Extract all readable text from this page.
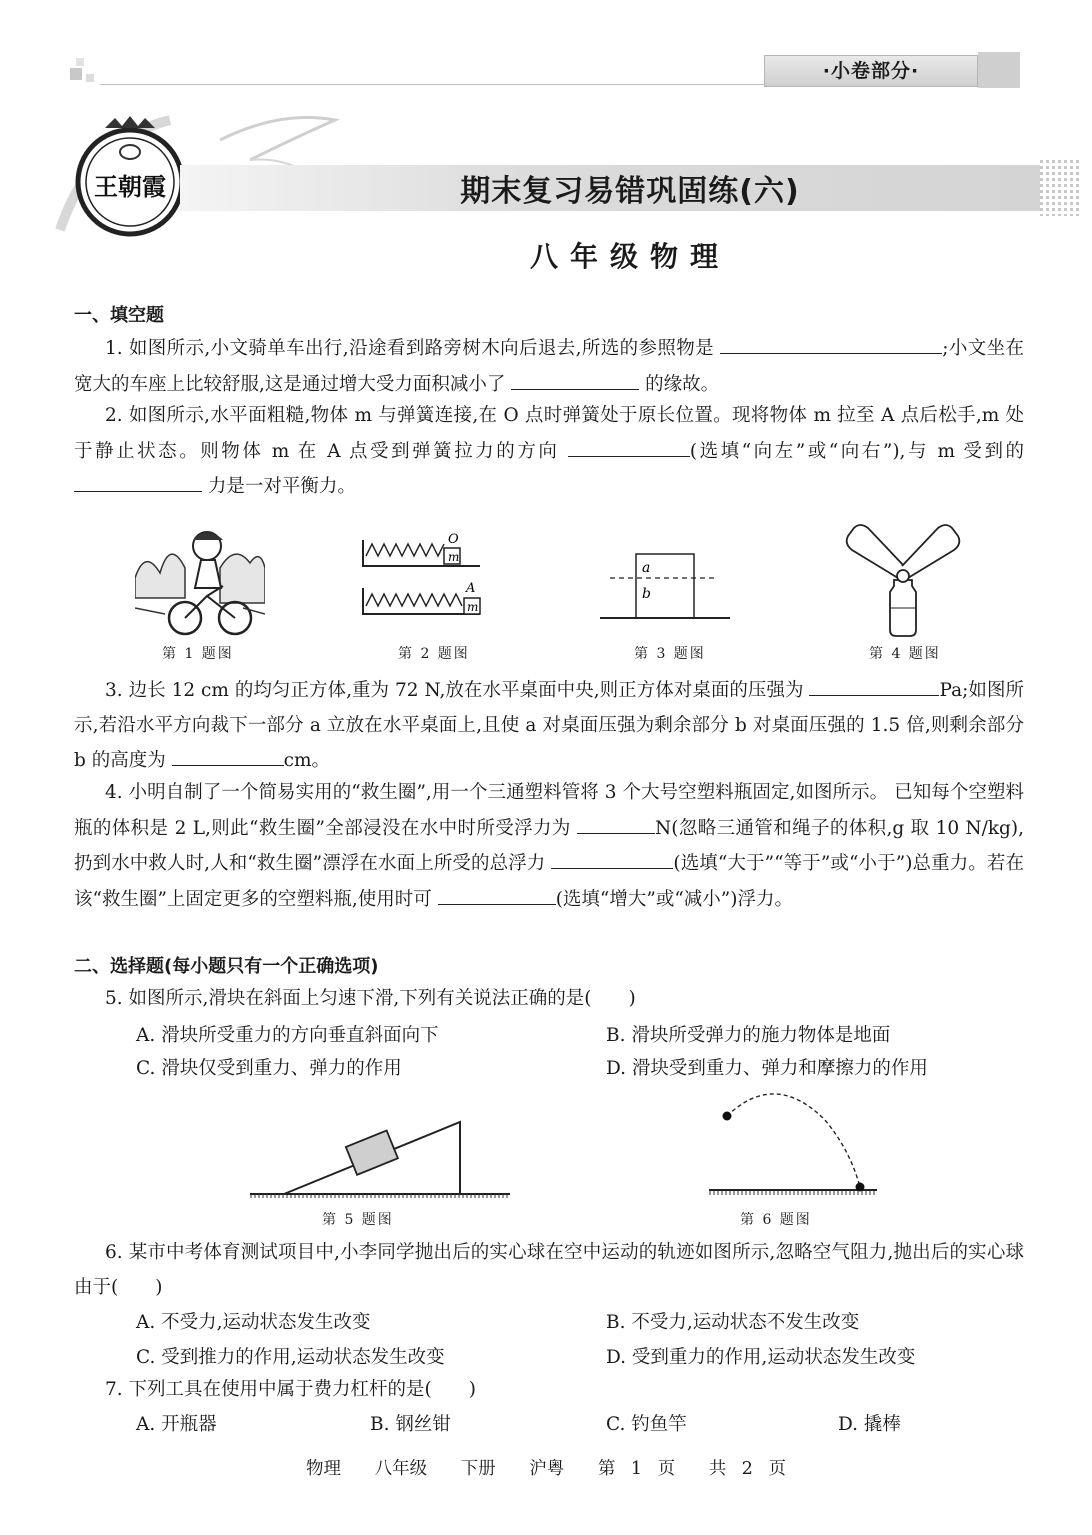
·小卷部分·
王朝霞	期末复习易错巩固练(六)
八年级物理
一、填空题
1. 如图所示,小文骑单车出行,沿途看到路旁树木向后退去,所选的参照物是	;小文坐在宽大的车座上比较舒服,这是通过增大受力面积减小了	的缘故。
2. 如图所示,水平面粗糙,物体 m 与弹簧连接,在 O 点时弹簧处于原长位置。现将物体 m 拉至 A 点后松手,m 处于静止状态。则物体 m 在 A 点受到弹簧拉力的方向	(选填“向左”或“向右”),与 m 受到的  力是一对平衡力。
第 1 题图
m
O
m
A
第 2 题图
a
b
第 3 题图	第 4 题图
3. 边长 12 cm 的均匀正方体,重为 72 N,放在水平桌面中央,则正方体对桌面的压强为	Pa;如图所示,若沿水平方向裁下一部分 a 立放在水平桌面上,且使 a 对桌面压强为剩余部分 b 对桌面压强的 1.5 倍,则剩余部分 b 的高度为	cm。
4. 小明自制了一个简易实用的“救生圈”,用一个三通塑料管将 3 个大号空塑料瓶固定,如图所示。 已知每个空塑料瓶的体积是 2 L,则此“救生圈”全部浸没在水中时所受浮力为	N(忽略三通管和绳子的体积,g 取 10 N/kg),扔到水中救人时,人和“救生圈”漂浮在水面上所受的总浮力	(选填“大于”“等于”或“小于”)总重力。若在该“救生圈”上固定更多的空塑料瓶,使用时可	(选填“增大”或“减小”)浮力。
二、选择题(每小题只有一个正确选项)
5. 如图所示,滑块在斜面上匀速下滑,下列有关说法正确的是(　　)
A. 滑块所受重力的方向垂直斜面向下	B. 滑块所受弹力的施力物体是地面
C. 滑块仅受到重力、弹力的作用	D. 滑块受到重力、弹力和摩擦力的作用
第 5 题图	第 6 题图
6. 某市中考体育测试项目中,小李同学抛出后的实心球在空中运动的轨迹如图所示,忽略空气阻力,抛出后的实心球由于(　　)
A. 不受力,运动状态发生改变	B. 不受力,运动状态不发生改变
C. 受到推力的作用,运动状态发生改变	D. 受到重力的作用,运动状态发生改变
7. 下列工具在使用中属于费力杠杆的是(　　)
A. 开瓶器	B. 钢丝钳	C. 钓鱼竿	D. 撬棒
物理 八年级 下册 沪粤 第 1 页 共 2 页
